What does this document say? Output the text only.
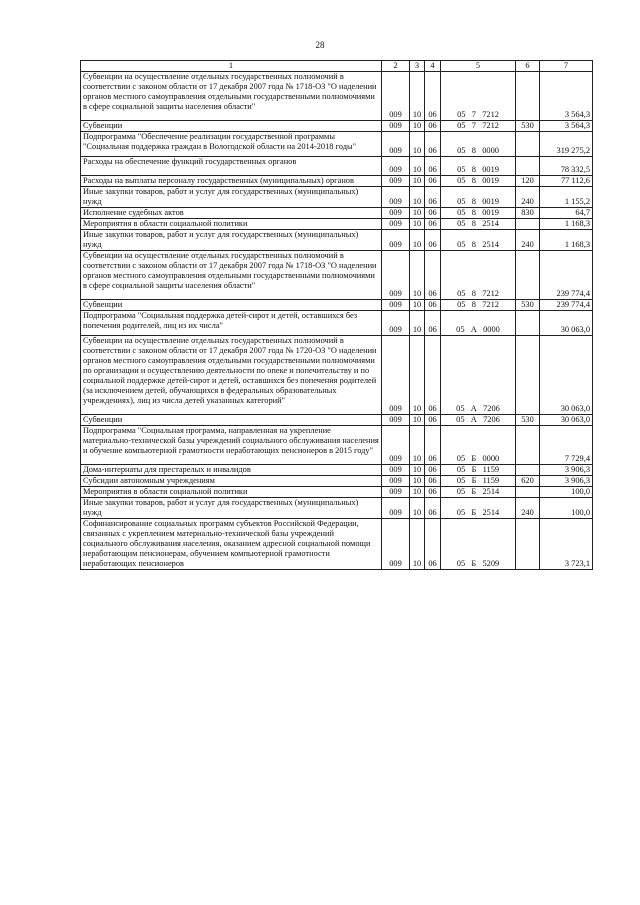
28
1	2	3	4	5	6	7

Субвенции на осуществление отдельных государственных полномочий в соответствии с законом области от 17 декабря 2007 года № 1718-ОЗ "О наделении органов местного самоуправления отдельными государственными полномочиями в сфере социальной защиты населения области"	009	10	06	05   7   7212		3 564,3

Субвенции	009	10	06	05   7   7212	530	3 564,3

Подпрограмма "Обеспечение реализации государственной программы "Социальная поддержка граждан в Вологодской области на 2014-2018 годы"	009	10	06	05   8   0000		319 275,2

Расходы на обеспечение функций государственных органов	009	10	06	05   8   0019		78 332,5

Расходы на выплаты персоналу государственных (муниципальных) органов	009	10	06	05   8   0019	120	77 112,6

Иные закупки товаров, работ и услуг для государственных (муниципальных) нужд	009	10	06	05   8   0019	240	1 155,2

Исполнение судебных актов	009	10	06	05   8   0019	830	64,7

Мероприятия в области социальной политики	009	10	06	05   8   2514		1 168,3

Иные закупки товаров, работ и услуг для государственных (муниципальных) нужд	009	10	06	05   8   2514	240	1 168,3

Субвенции на осуществление отдельных государственных полномочий в соответствии с законом области от 17 декабря 2007 года № 1718-ОЗ "О наделении органов местного самоуправления отдельными государственными полномочиями в сфере социальной защиты населения области"	009	10	06	05   8   7212		239 774,4

Субвенции	009	10	06	05   8   7212	530	239 774,4

Подпрограмма "Социальная поддержка детей-сирот и детей, оставшихся без попечения родителей, лиц из их числа"	009	10	06	05   А   0000		30 063,0

Субвенции на осуществление отдельных государственных полномочий в соответствии с законом области от 17 декабря 2007 года № 1720-ОЗ "О наделении органов местного самоуправления отдельными государственными полномочиями по организации и осуществлению деятельности по опеке и попечительству и по социальной поддержке детей-сирот и детей, оставшихся без попечения родителей (за исключением детей, обучающихся в федеральных образовательных учреждениях), лиц из числа детей указанных категорий"	009	10	06	05   А   7206		30 063,0

Субвенции	009	10	06	05   А   7206	530	30 063,0

Подпрограмма "Социальная программа, направленная на укрепление материально-технической базы учреждений социального обслуживания населения и обучение компьютерной грамотности неработающих пенсионеров в 2015 году"	009	10	06	05   Б   0000		7 729,4

Дома-интернаты для престарелых и инвалидов	009	10	06	05   Б   1159		3 906,3

Субсидии автономным учреждениям	009	10	06	05   Б   1159	620	3 906,3

Мероприятия в области социальной политики	009	10	06	05   Б   2514		100,0

Иные закупки товаров, работ и услуг для государственных (муниципальных) нужд	009	10	06	05   Б   2514	240	100,0

Софинансирование социальных программ субъектов Российской Федерации, связанных с укреплением материально-технической базы учреждений социального обслуживания населения, оказанием адресной социальной помощи неработающим пенсионерам, обучением компьютерной грамотности неработающих пенсионеров	009	10	06	05   Б   5209		3 723,1
